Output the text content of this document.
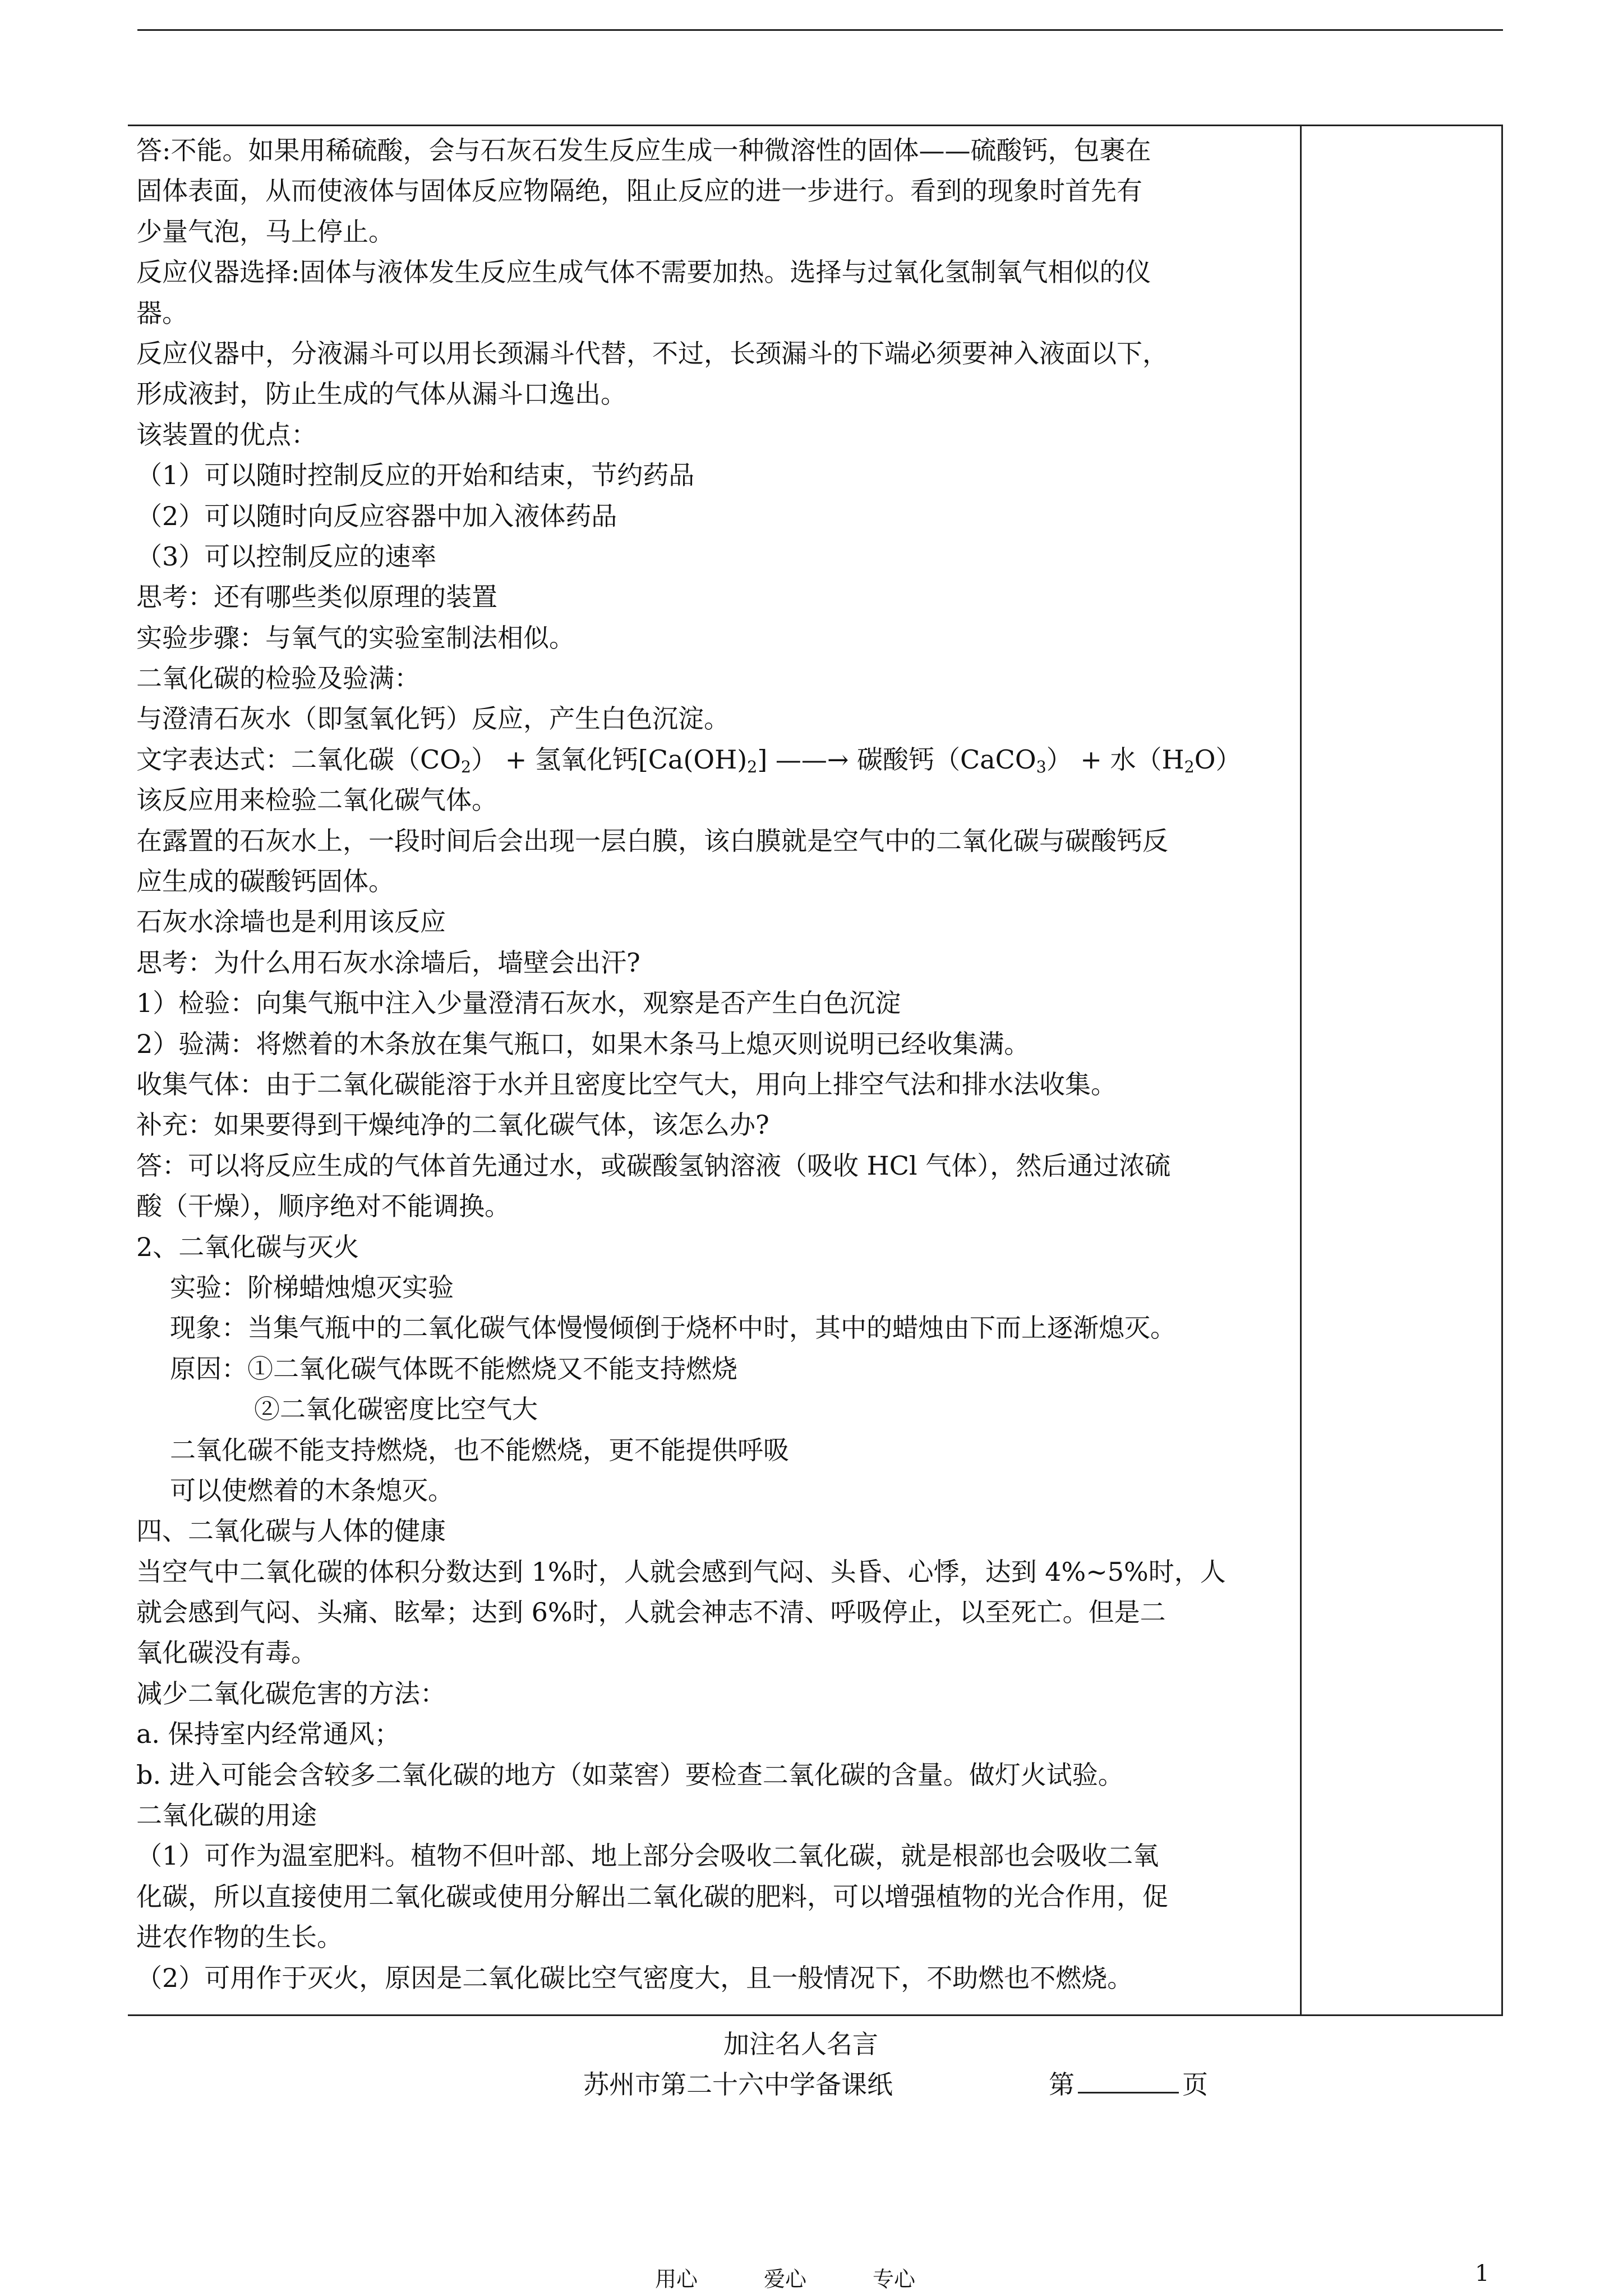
答:不能。如果用稀硫酸，会与石灰石发生反应生成一种微溶性的固体——硫酸钙，包裹在
固体表面，从而使液体与固体反应物隔绝，阻止反应的进一步进行。看到的现象时首先有
少量气泡，马上停止。
反应仪器选择:固体与液体发生反应生成气体不需要加热。选择与过氧化氢制氧气相似的仪
器。
反应仪器中，分液漏斗可以用长颈漏斗代替，不过，长颈漏斗的下端必须要神入液面以下，
形成液封，防止生成的气体从漏斗口逸出。
该装置的优点：
（1）可以随时控制反应的开始和结束，节约药品
（2）可以随时向反应容器中加入液体药品
（3）可以控制反应的速率
思考：还有哪些类似原理的装置
实验步骤：与氧气的实验室制法相似。
二氧化碳的检验及验满：
与澄清石灰水（即氢氧化钙）反应，产生白色沉淀。
文字表达式：二氧化碳$(CO_2)$ + 氢氧化钙$[Ca(OH)_2]$ ——→ 碳酸钙（CaCO$_3$） + 水$(H_2O)$
该反应用来检验二氧化碳气体。
在露置的石灰水上，一段时间后会出现一层白膜，该白膜就是空气中的二氧化碳与碳酸钙反
应生成的碳酸钙固体。
石灰水涂墙也是利用该反应
思考：为什么用石灰水涂墙后，墙壁会出汗?
1）检验：向集气瓶中注入少量澄清石灰水，观察是否产生白色沉淀
2）验满：将燃着的木条放在集气瓶口，如果木条马上熄灭则说明已经收集满。
收集气体：由于二氧化碳能溶于水并且密度比空气大，用向上排空气法和排水法收集。
补充：如果要得到干燥纯净的二氧化碳气体，该怎么办?
答：可以将反应生成的气体首先通过水，或碳酸氢钠溶液（吸收 HCl 气体），然后通过浓硫
酸（干燥），顺序绝对不能调换。
2、二氧化碳与灭火
实验：阶梯蜡烛熄灭实验
现象：当集气瓶中的二氧化碳气体慢慢倾倒于烧杯中时，其中的蜡烛由下而上逐渐熄灭。
原因：①二氧化碳气体既不能燃烧又不能支持燃烧
②二氧化碳密度比空气大
二氧化碳不能支持燃烧，也不能燃烧，更不能提供呼吸
可以使燃着的木条熄灭。
四、二氧化碳与人体的健康
当空气中二氧化碳的体积分数达到 1%时，人就会感到气闷、头昏、心悸，达到 4%~5%时，人
就会感到气闷、头痛、眩晕；达到 6%时，人就会神志不清、呼吸停止，以至死亡。但是二
氧化碳没有毒。
减少二氧化碳危害的方法：
a. 保持室内经常通风；
b. 进入可能会含较多二氧化碳的地方（如菜窖）要检查二氧化碳的含量。做灯火试验。
二氧化碳的用途
（1）可作为温室肥料。植物不但叶部、地上部分会吸收二氧化碳，就是根部也会吸收二氧
化碳，所以直接使用二氧化碳或使用分解出二氧化碳的肥料，可以增强植物的光合作用，促
进农作物的生长。
（2）可用作于灭火，原因是二氧化碳比空气密度大，且一般情况下，不助燃也不燃烧。
加注名人名言
苏州市第二十六中学备课纸	第	页
用心	爱心	专心	1
